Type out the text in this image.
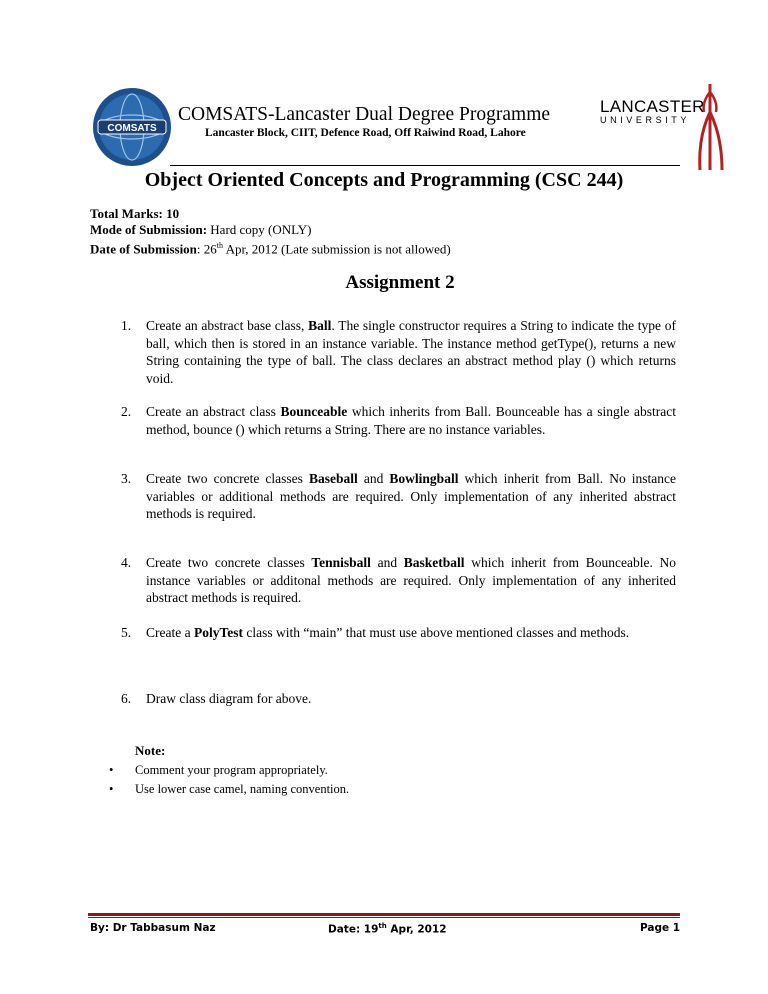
COMSATS
COMSATS-Lancaster Dual Degree Programme
Lancaster Block, CIIT, Defence Road, Off Raiwind Road, Lahore
LANCASTER
UNIVERSITY
Object Oriented Concepts and Programming (CSC 244)
Total Marks: 10
Mode of Submission: Hard copy (ONLY)
Date of Submission: 26th Apr, 2012 (Late submission is not allowed)
Assignment 2
1.	Create an abstract base class, Ball. The single constructor requires a String to indicate the type of ball, which then is stored in an instance variable. The instance method getType(), returns a new String containing the type of ball. The class declares an abstract method play () which returns void.
2.	Create an abstract class Bounceable which inherits from Ball. Bounceable has a single abstract method, bounce () which returns a String. There are no instance variables.
3.	Create two concrete classes Baseball and Bowlingball which inherit from Ball. No instance variables or additional methods are required. Only implementation of any inherited abstract methods is required.
4.	Create two concrete classes Tennisball and Basketball which inherit from Bounceable. No instance variables or additonal methods are required. Only implementation of any inherited abstract methods is required.
5.	Create a PolyTest class with “main” that must use above mentioned classes and methods.
6.	Draw class diagram for above.
Note:
• Comment your program appropriately.
• Use lower case camel, naming convention.
By: Dr Tabbasum Naz	Date: 19th Apr, 2012	Page 1
